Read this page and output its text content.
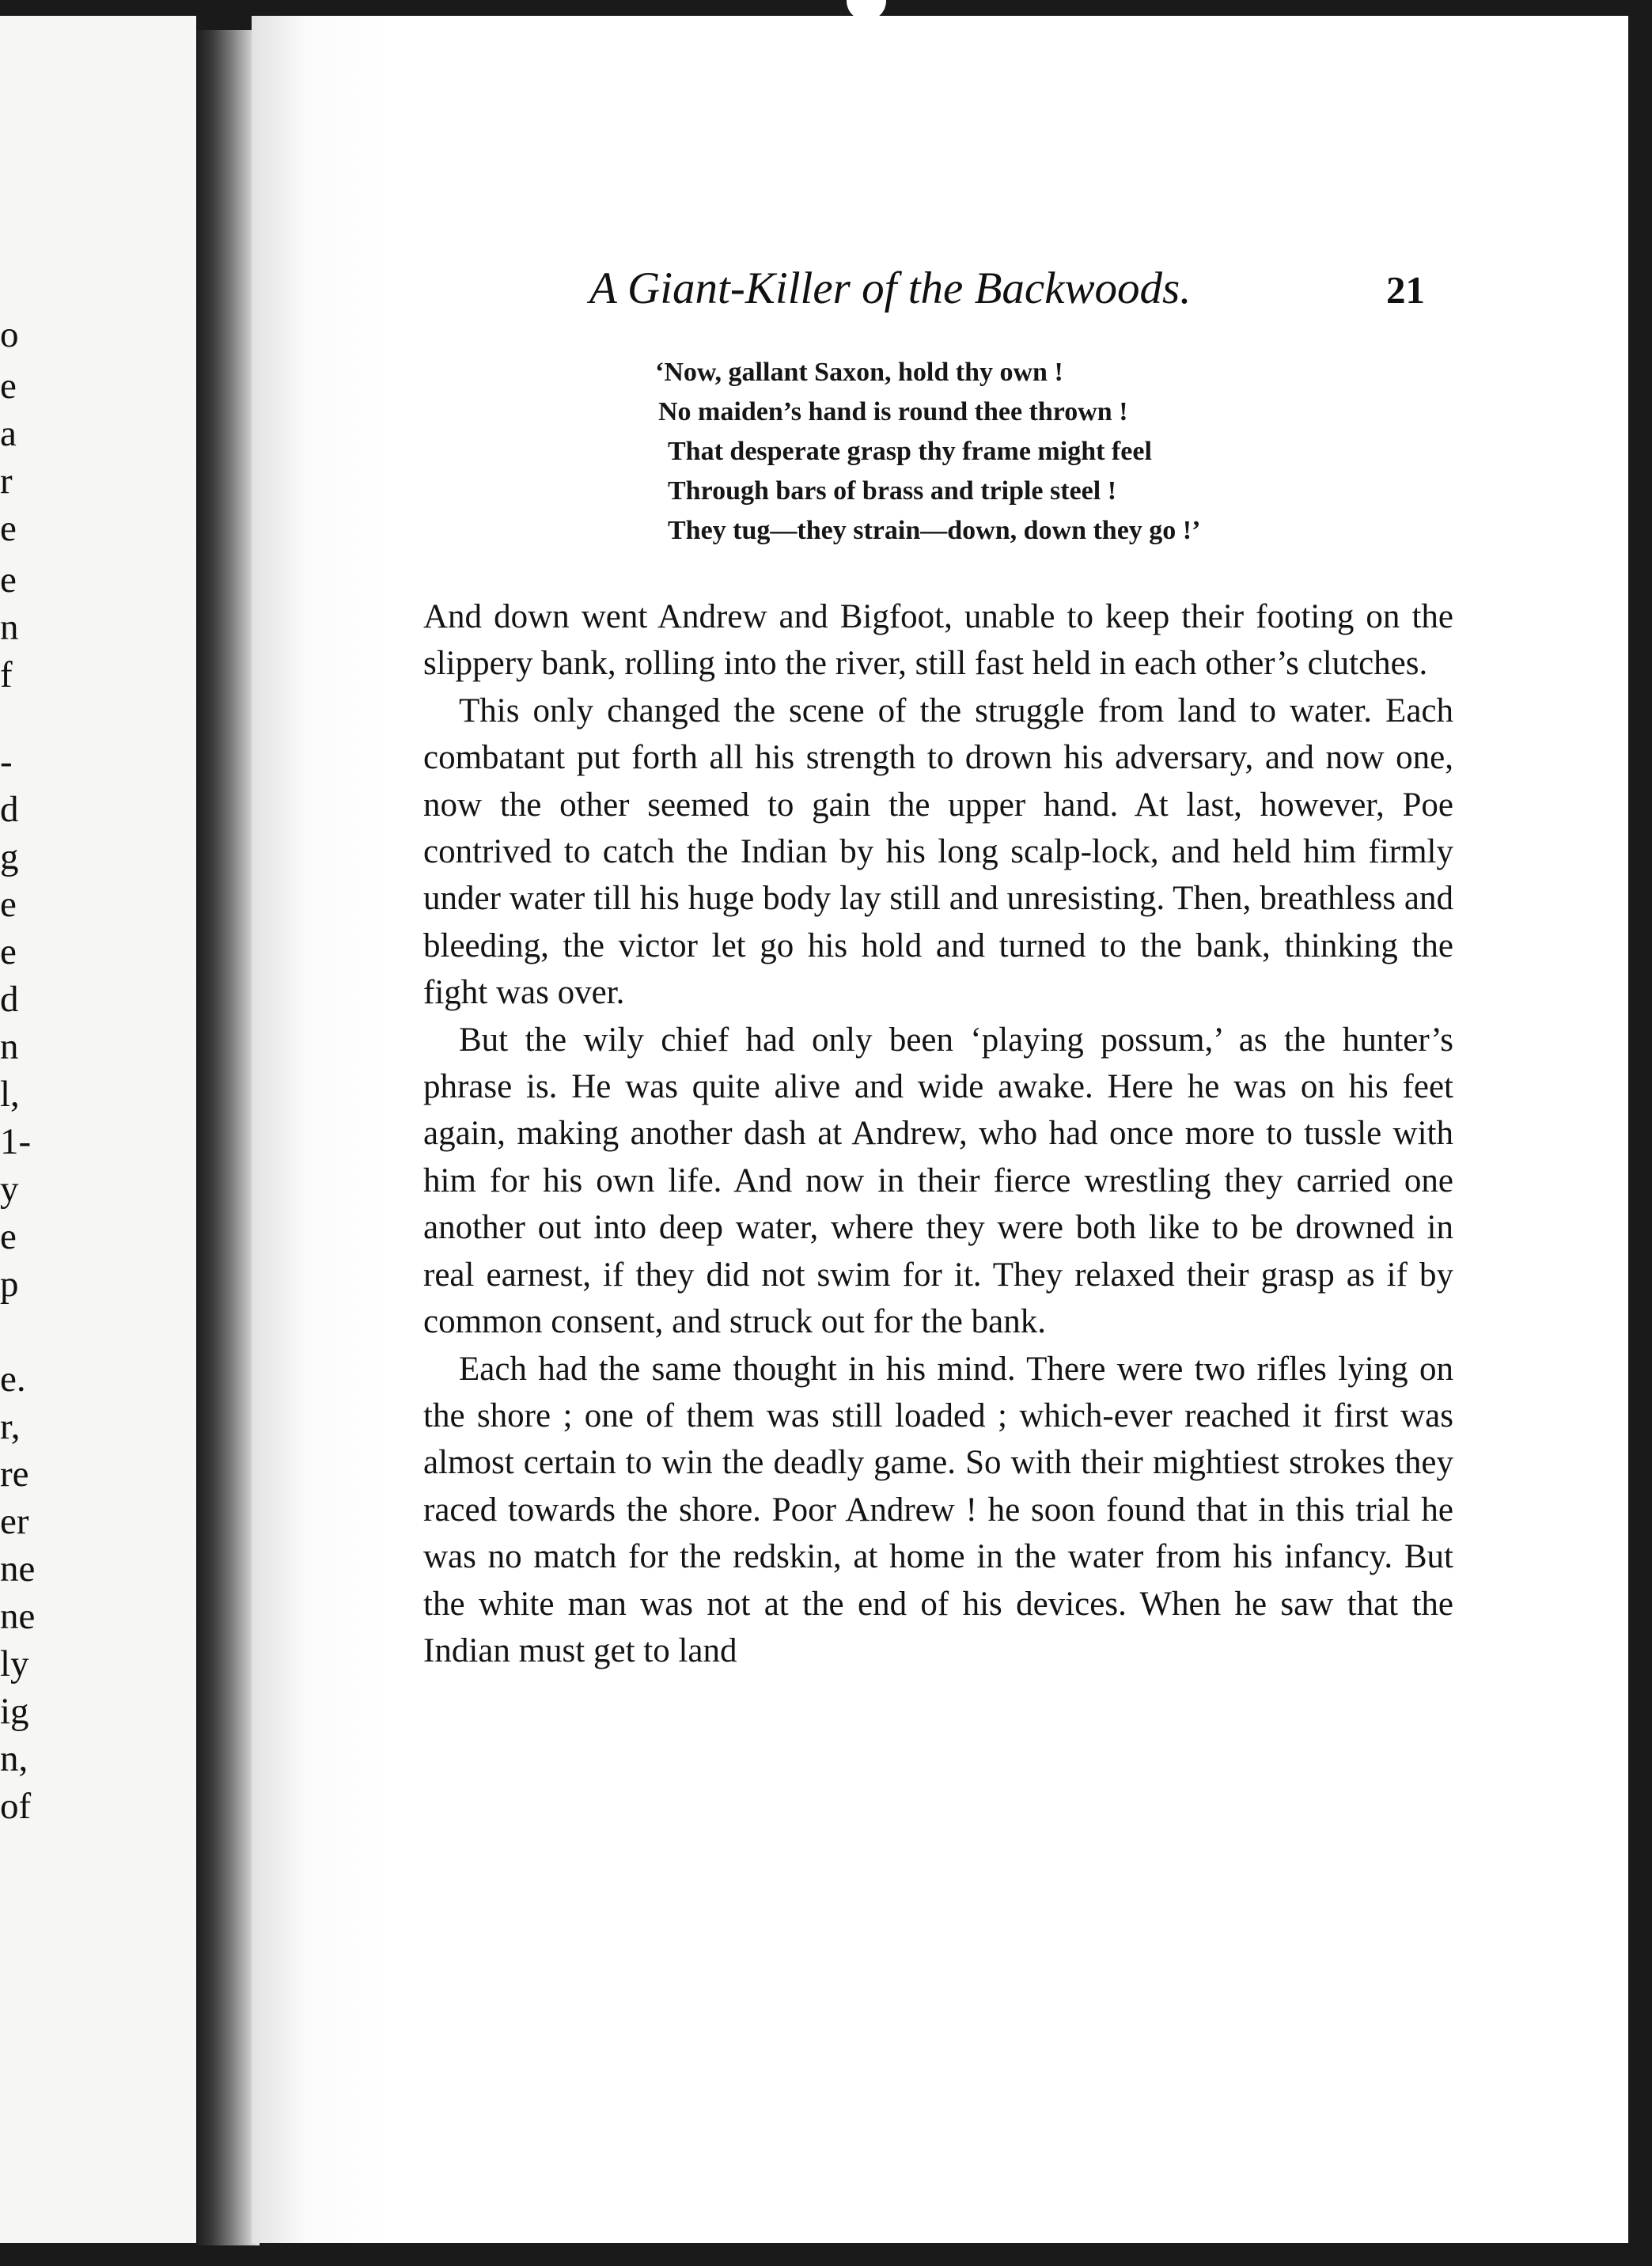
o
e
a
r
e
e
n
f
-
d
g
e
e
d
n
l,
1-
y
e
p
e.
r,
re
er
ne
ne
ly
ig
n,
of
A Giant-Killer of the Backwoods.	21
‘Now, gallant Saxon, hold thy own !
No maiden’s hand is round thee thrown !
That desperate grasp thy frame might feel
Through bars of brass and triple steel !
They tug—they strain—down, down they go !’

And down went Andrew and Bigfoot, unable to keep their footing on the slippery bank, rolling into the river, still fast held in each other’s clutches.

This only changed the scene of the struggle from land to water. Each combatant put forth all his strength to drown his adversary, and now one, now the other seemed to gain the upper hand. At last, however, Poe contrived to catch the Indian by his long scalp-lock, and held him firmly under water till his huge body lay still and unresisting. Then, breathless and bleeding, the victor let go his hold and turned to the bank, thinking the fight was over.

But the wily chief had only been ‘playing possum,’ as the hunter’s phrase is. He was quite alive and wide awake. Here he was on his feet again, making another dash at Andrew, who had once more to tussle with him for his own life. And now in their fierce wrestling they carried one another out into deep water, where they were both like to be drowned in real earnest, if they did not swim for it. They relaxed their grasp as if by common consent, and struck out for the bank.

Each had the same thought in his mind. There were two rifles lying on the shore ; one of them was still loaded ; which-ever reached it first was almost certain to win the deadly game. So with their mightiest strokes they raced towards the shore. Poor Andrew ! he soon found that in this trial he was no match for the redskin, at home in the water from his infancy. But the white man was not at the end of his devices. When he saw that the Indian must get to land
